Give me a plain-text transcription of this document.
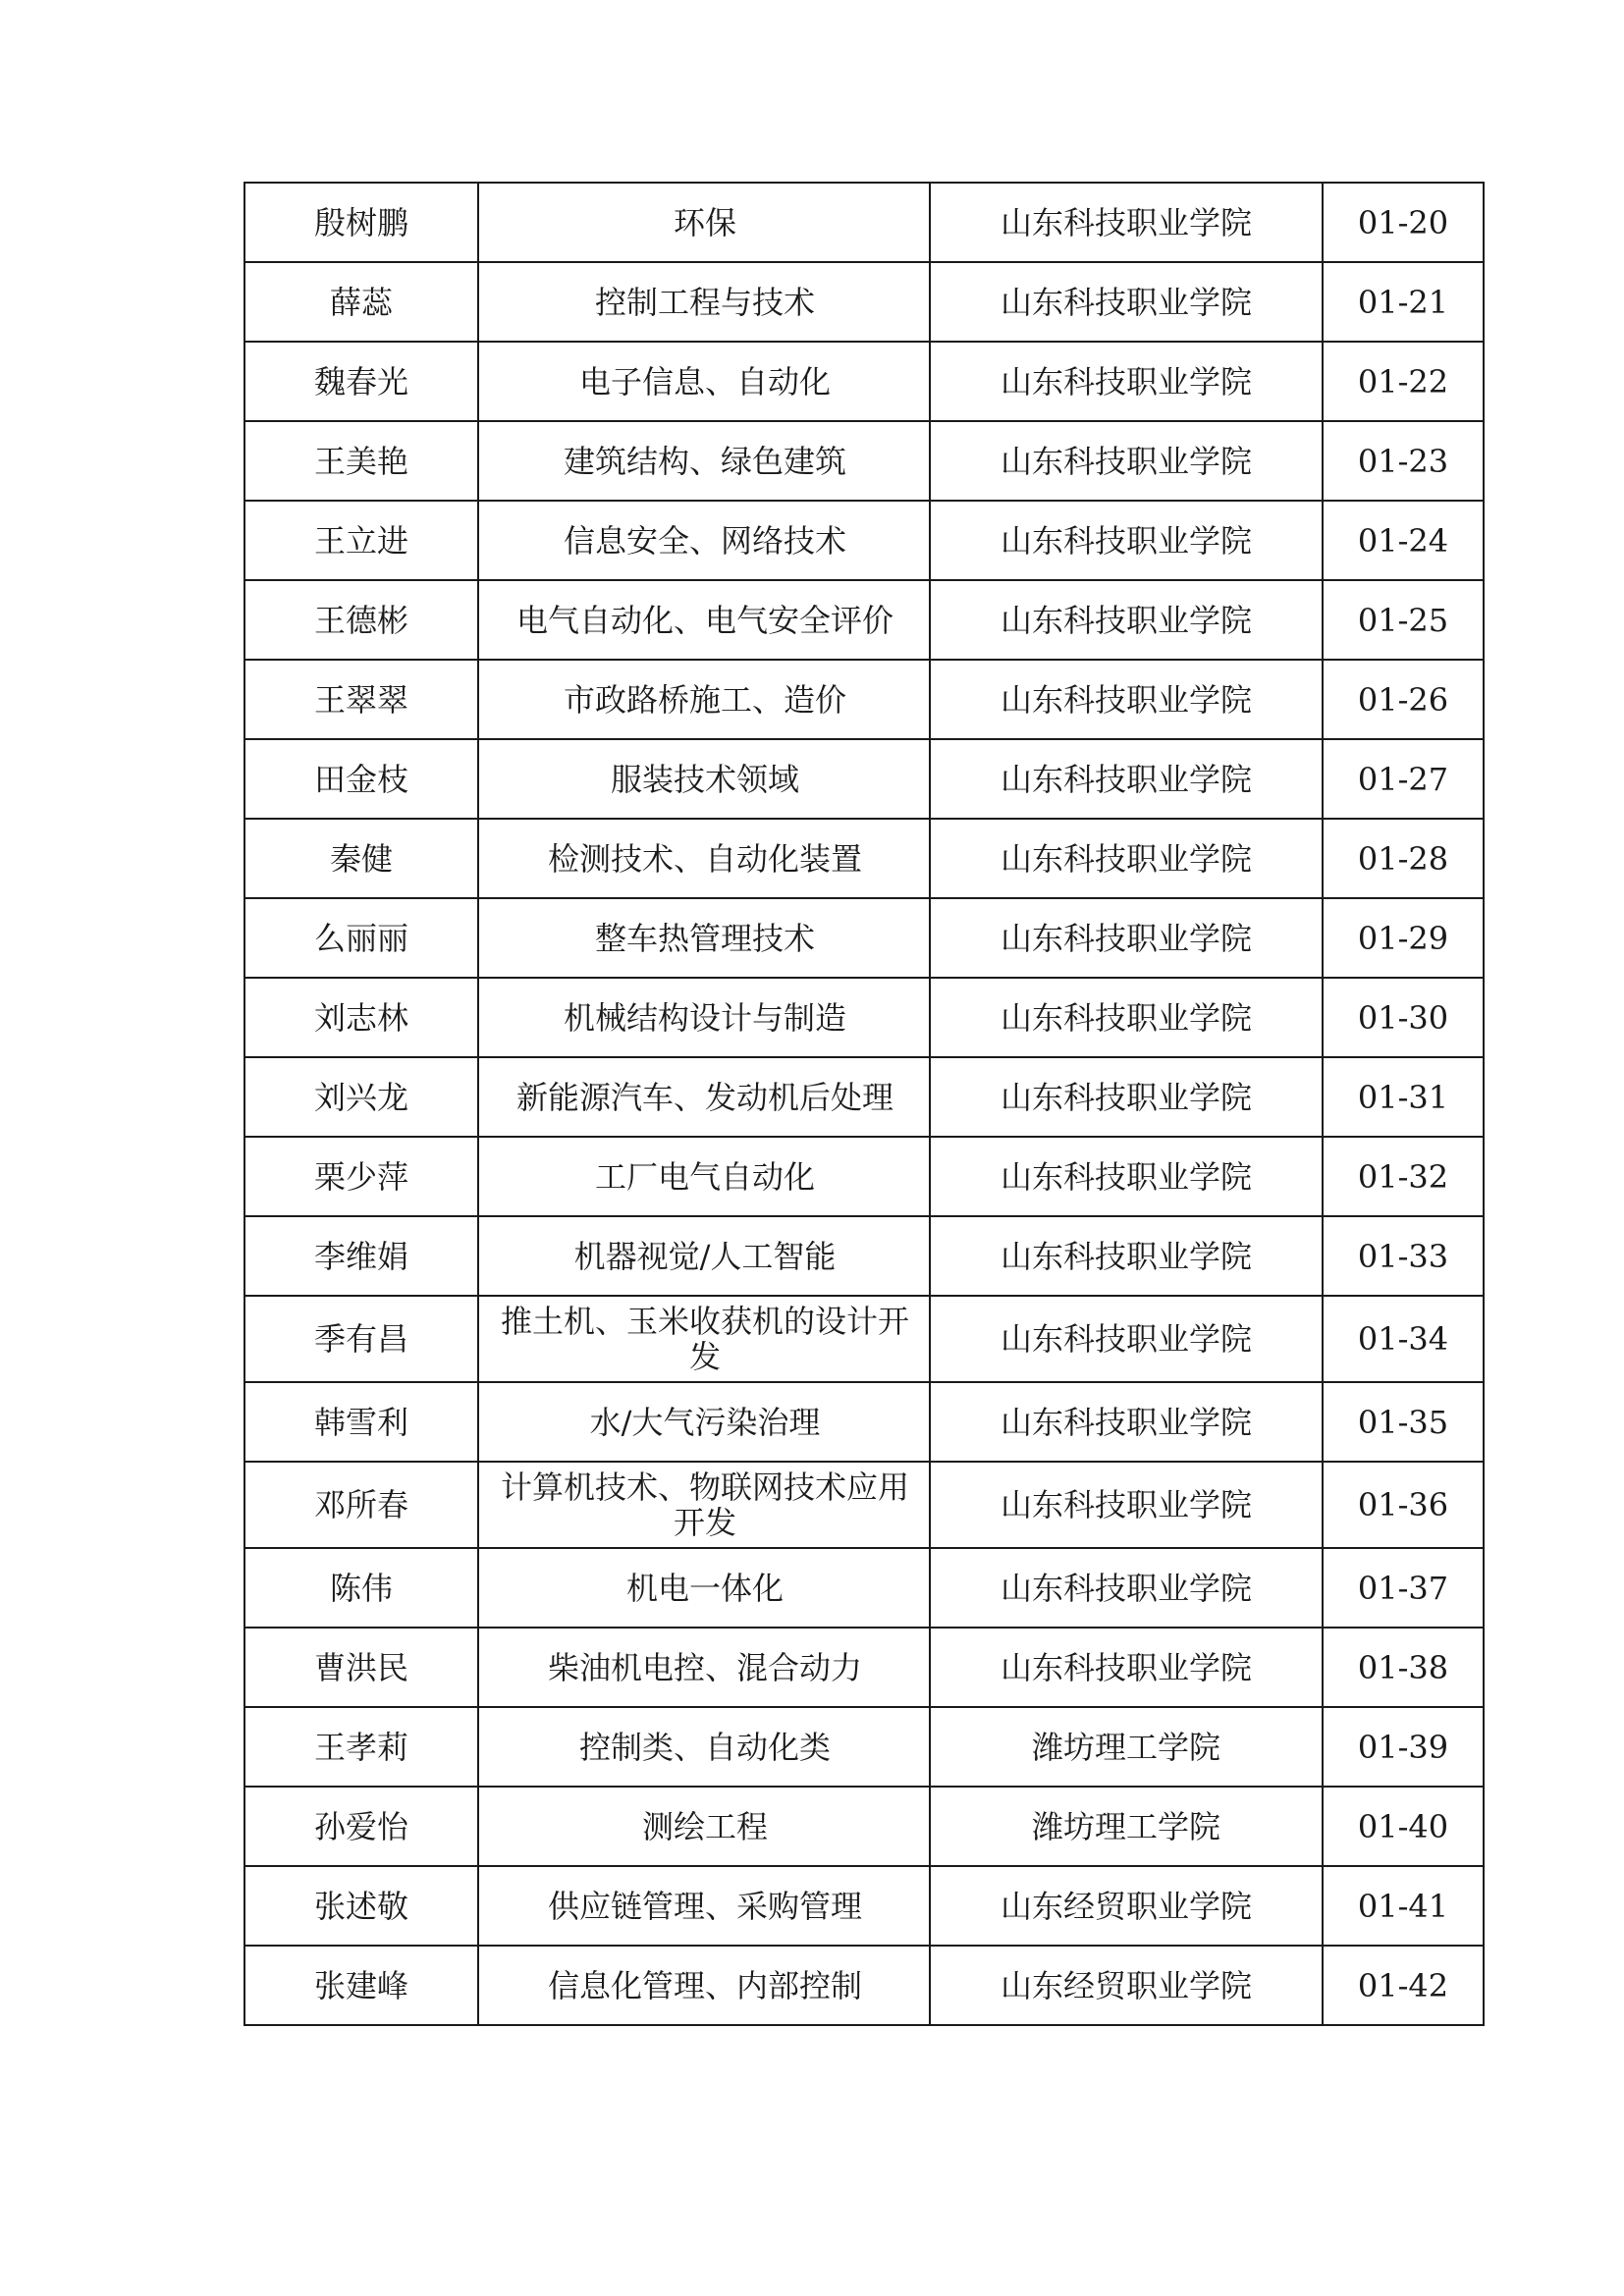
殷树鹏	环保	山东科技职业学院	01-20
薛蕊	控制工程与技术	山东科技职业学院	01-21
魏春光	电子信息、自动化	山东科技职业学院	01-22
王美艳	建筑结构、绿色建筑	山东科技职业学院	01-23
王立进	信息安全、网络技术	山东科技职业学院	01-24
王德彬	电气自动化、电气安全评价	山东科技职业学院	01-25
王翠翠	市政路桥施工、造价	山东科技职业学院	01-26
田金枝	服装技术领域	山东科技职业学院	01-27
秦健	检测技术、自动化装置	山东科技职业学院	01-28
么丽丽	整车热管理技术	山东科技职业学院	01-29
刘志林	机械结构设计与制造	山东科技职业学院	01-30
刘兴龙	新能源汽车、发动机后处理	山东科技职业学院	01-31
栗少萍	工厂电气自动化	山东科技职业学院	01-32
李维娟	机器视觉/人工智能	山东科技职业学院	01-33
季有昌	推土机、玉米收获机的设计开发	山东科技职业学院	01-34
韩雪利	水/大气污染治理	山东科技职业学院	01-35
邓所春	计算机技术、物联网技术应用开发	山东科技职业学院	01-36
陈伟	机电一体化	山东科技职业学院	01-37
曹洪民	柴油机电控、混合动力	山东科技职业学院	01-38
王孝莉	控制类、自动化类	潍坊理工学院	01-39
孙爱怡	测绘工程	潍坊理工学院	01-40
张述敬	供应链管理、采购管理	山东经贸职业学院	01-41
张建峰	信息化管理、内部控制	山东经贸职业学院	01-42
